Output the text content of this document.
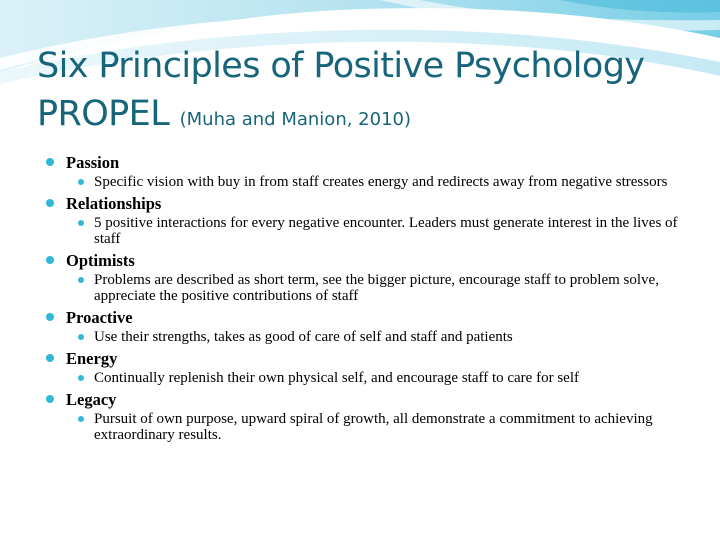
Six Principles of Positive Psychology
PROPEL (Muha and Manion, 2010)
Passion
Specific vision with buy in from staff creates energy and redirects away from negative stressors
Relationships
5 positive interactions for every negative encounter. Leaders must generate interest in the lives of staff
Optimists
Problems are described as short term, see the bigger picture, encourage staff to problem solve, appreciate the positive contributions of staff
Proactive
Use their strengths, takes as good of care of self and staff and patients
Energy
Continually replenish their own physical self, and encourage staff to care for self
Legacy
Pursuit of own purpose, upward spiral of growth, all demonstrate a commitment to achieving extraordinary results.
